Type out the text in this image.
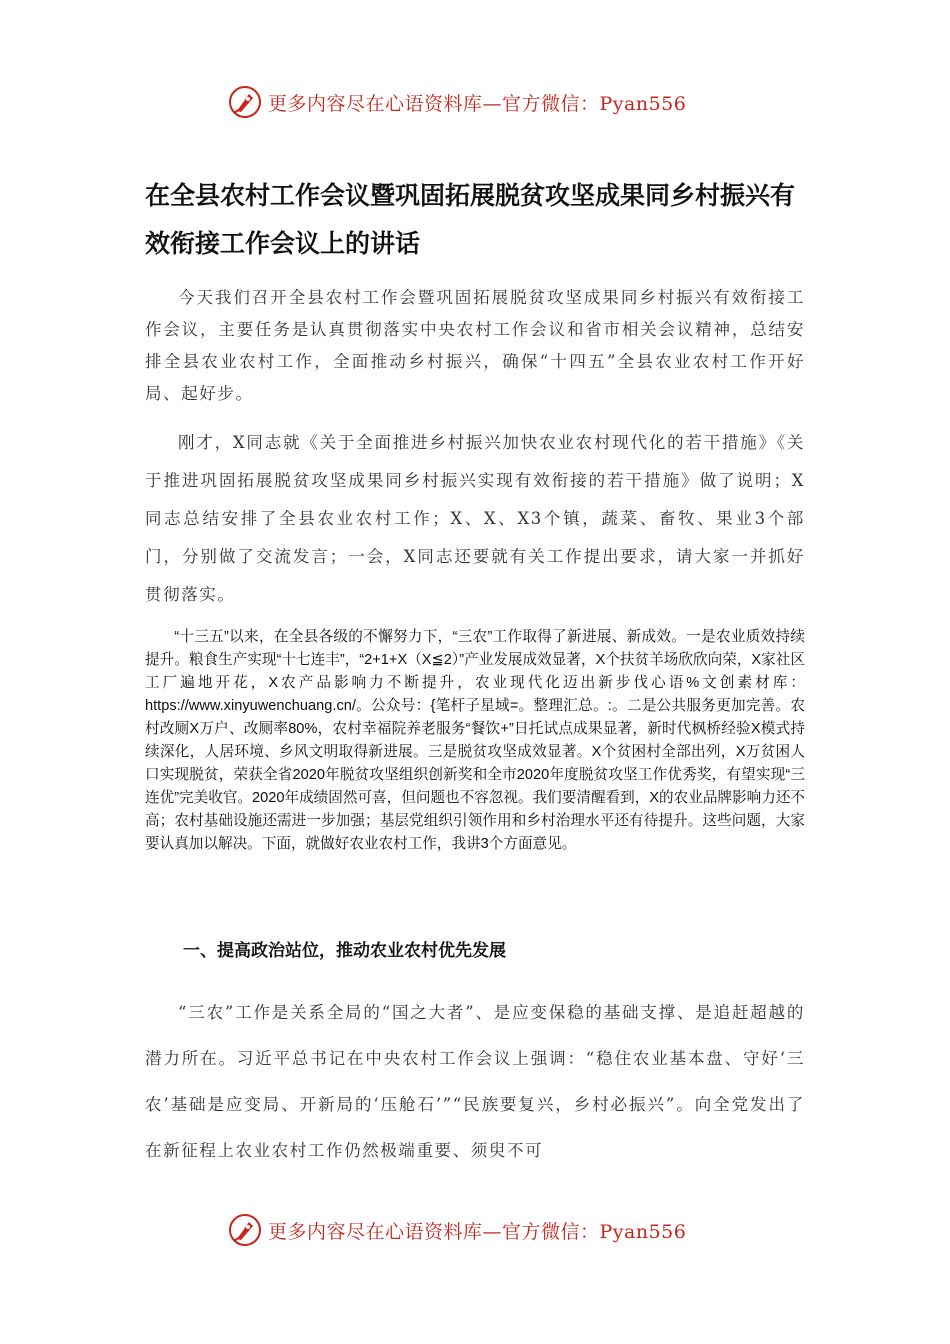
更多内容尽在心语资料库—官方微信：Pyan556
在全县农村工作会议暨巩固拓展脱贫攻坚成果同乡村振兴有效衔接工作会议上的讲话
今天我们召开全县农村工作会暨巩固拓展脱贫攻坚成果同乡村振兴有效衔接工作会议，主要任务是认真贯彻落实中央农村工作会议和省市相关会议精神，总结安排全县农业农村工作，全面推动乡村振兴，确保“十四五”全县农业农村工作开好局、起好步。
刚才，X同志就《关于全面推进乡村振兴加快农业农村现代化的若干措施》《关于推进巩固拓展脱贫攻坚成果同乡村振兴实现有效衔接的若干措施》做了说明；X同志总结安排了全县农业农村工作；X、X、X3个镇，蔬菜、畜牧、果业3个部门，分别做了交流发言；一会，X同志还要就有关工作提出要求，请大家一并抓好贯彻落实。
“十三五”以来，在全县各级的不懈努力下，“三农”工作取得了新进展、新成效。一是农业质效持续提升。粮食生产实现“十七连丰”，“2+1+X（X≦2）”产业发展成效显著，X个扶贫羊场欣欣向荣，X家社区工厂遍地开花，X农产品影响力不断提升，农业现代化迈出新步伐心语%文创素材库：https://www.xinyuwenchuang.cn/。公众号：{笔杆子星域=。整理汇总。:。二是公共服务更加完善。农村改厕X万户、改厕率80%，农村幸福院养老服务“餐饮+”日托试点成果显著，新时代枫桥经验X模式持续深化，人居环境、乡风文明取得新进展。三是脱贫攻坚成效显著。X个贫困村全部出列，X万贫困人口实现脱贫，荣获全省2020年脱贫攻坚组织创新奖和全市2020年度脱贫攻坚工作优秀奖，有望实现“三连优”完美收官。2020年成绩固然可喜，但问题也不容忽视。我们要清醒看到，X的农业品牌影响力还不高；农村基础设施还需进一步加强；基层党组织引领作用和乡村治理水平还有待提升。这些问题，大家要认真加以解决。下面，就做好农业农村工作，我讲3个方面意见。
一、提高政治站位，推动农业农村优先发展
“三农”工作是关系全局的“国之大者”、是应变保稳的基础支撑、是追赶超越的潜力所在。习近平总书记在中央农村工作会议上强调：“稳住农业基本盘、守好‘三农’基础是应变局、开新局的‘压舱石’”“民族要复兴，乡村必振兴”。向全党发出了在新征程上农业农村工作仍然极端重要、须臾不可
更多内容尽在心语资料库—官方微信：Pyan556
